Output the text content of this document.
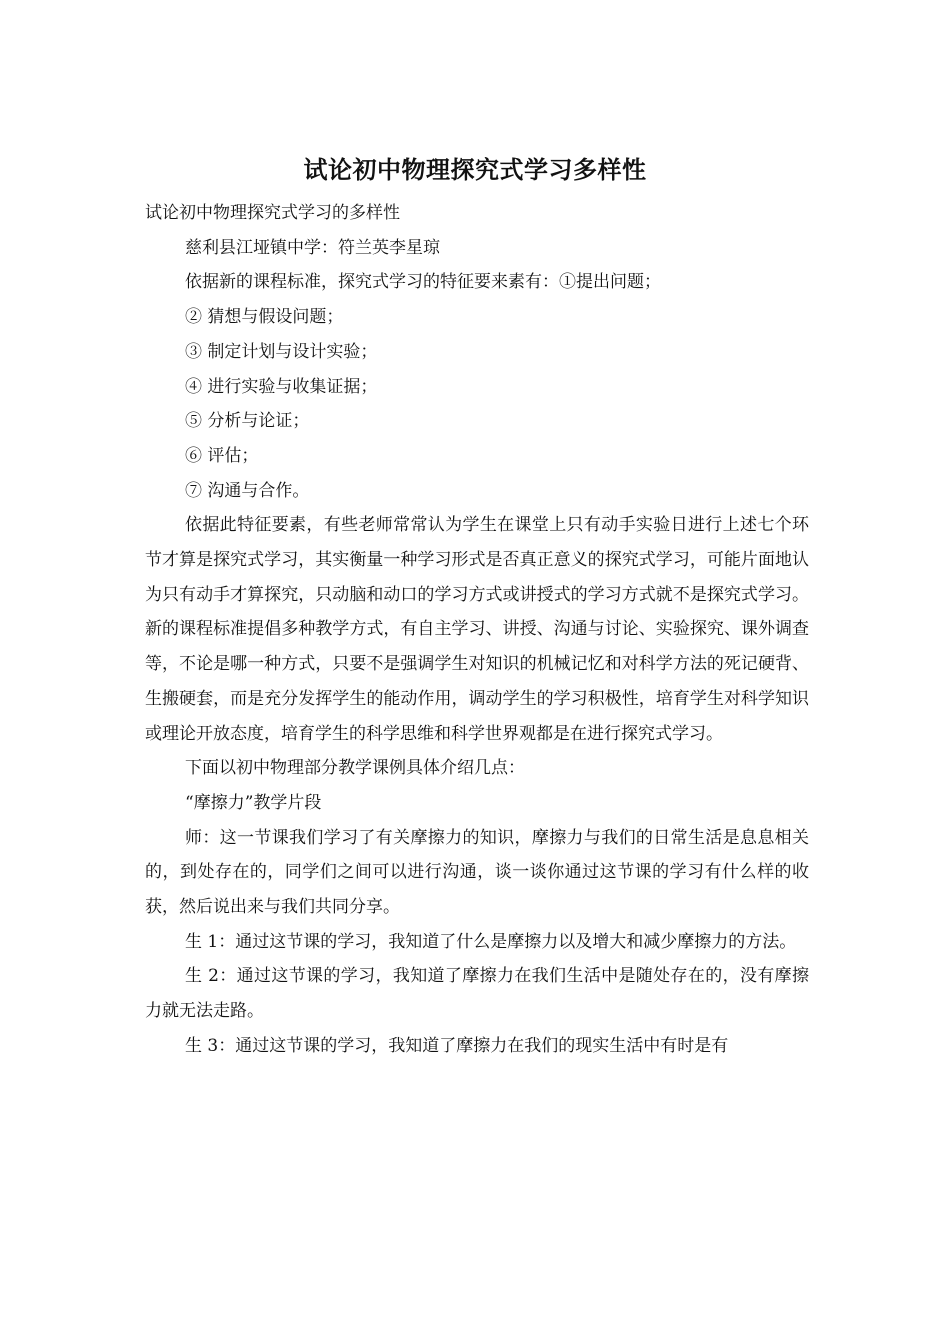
试论初中物理探究式学习多样性

试论初中物理探究式学习的多样性

慈利县江垭镇中学：符兰英李星琼

依据新的课程标准，探究式学习的特征要来素有：①提出问题；

② 猜想与假设问题；

③ 制定计划与设计实验；

④ 进行实验与收集证据；

⑤ 分析与论证；

⑥ 评估；

⑦ 沟通与合作。

依据此特征要素，有些老师常常认为学生在课堂上只有动手实验日进行上述七个环节才算是探究式学习，其实衡量一种学习形式是否真正意义的探究式学习，可能片面地认为只有动手才算探究，只动脑和动口的学习方式或讲授式的学习方式就不是探究式学习。新的课程标准提倡多种教学方式，有自主学习、讲授、沟通与讨论、实验探究、课外调查等，不论是哪一种方式，只要不是强调学生对知识的机械记忆和对科学方法的死记硬背、生搬硬套，而是充分发挥学生的能动作用，调动学生的学习积极性，培育学生对科学知识或理论开放态度，培育学生的科学思维和科学世界观都是在进行探究式学习。

下面以初中物理部分教学课例具体介绍几点：

“摩擦力”教学片段

师：这一节课我们学习了有关摩擦力的知识，摩擦力与我们的日常生活是息息相关的，到处存在的，同学们之间可以进行沟通，谈一谈你通过这节课的学习有什么样的收获，然后说出来与我们共同分享。

生 1：通过这节课的学习，我知道了什么是摩擦力以及增大和减少摩擦力的方法。

生 2：通过这节课的学习，我知道了摩擦力在我们生活中是随处存在的，没有摩擦力就无法走路。

生 3：通过这节课的学习，我知道了摩擦力在我们的现实生活中有时是有
